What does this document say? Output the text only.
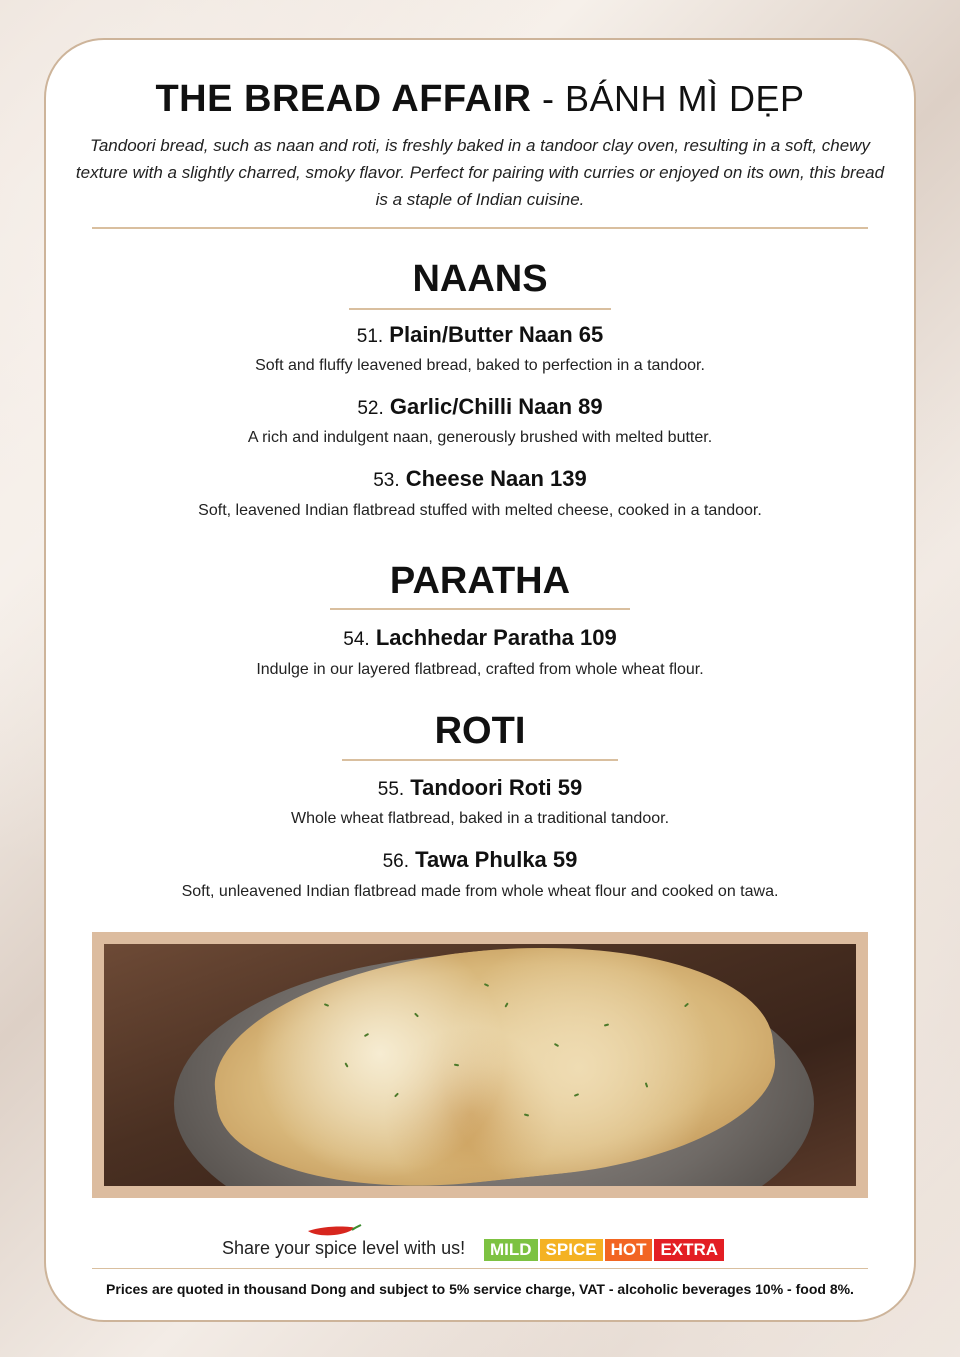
THE BREAD AFFAIR - BÁNH MÌ DẸP
Tandoori bread, such as naan and roti, is freshly baked in a tandoor clay oven, resulting in a soft, chewy texture with a slightly charred, smoky flavor. Perfect for pairing with curries or enjoyed on its own, this bread is a staple of Indian cuisine.
NAANS
51. Plain/Butter Naan 65
Soft and fluffy leavened bread, baked to perfection in a tandoor.
52. Garlic/Chilli Naan 89
A rich and indulgent naan, generously brushed with melted butter.
53. Cheese Naan 139
Soft, leavened Indian flatbread stuffed with melted cheese, cooked in a tandoor.
PARATHA
54. Lachhedar Paratha 109
Indulge in our layered flatbread, crafted from whole wheat flour.
ROTI
55. Tandoori Roti 59
Whole wheat flatbread, baked in a traditional tandoor.
56. Tawa Phulka 59
Soft, unleavened Indian flatbread made from whole wheat flour and cooked on tawa.
Share your spice level with us!	MILD SPICE HOT EXTRA
Prices are quoted in thousand Dong and subject to 5% service charge, VAT - alcoholic beverages 10% - food 8%.
